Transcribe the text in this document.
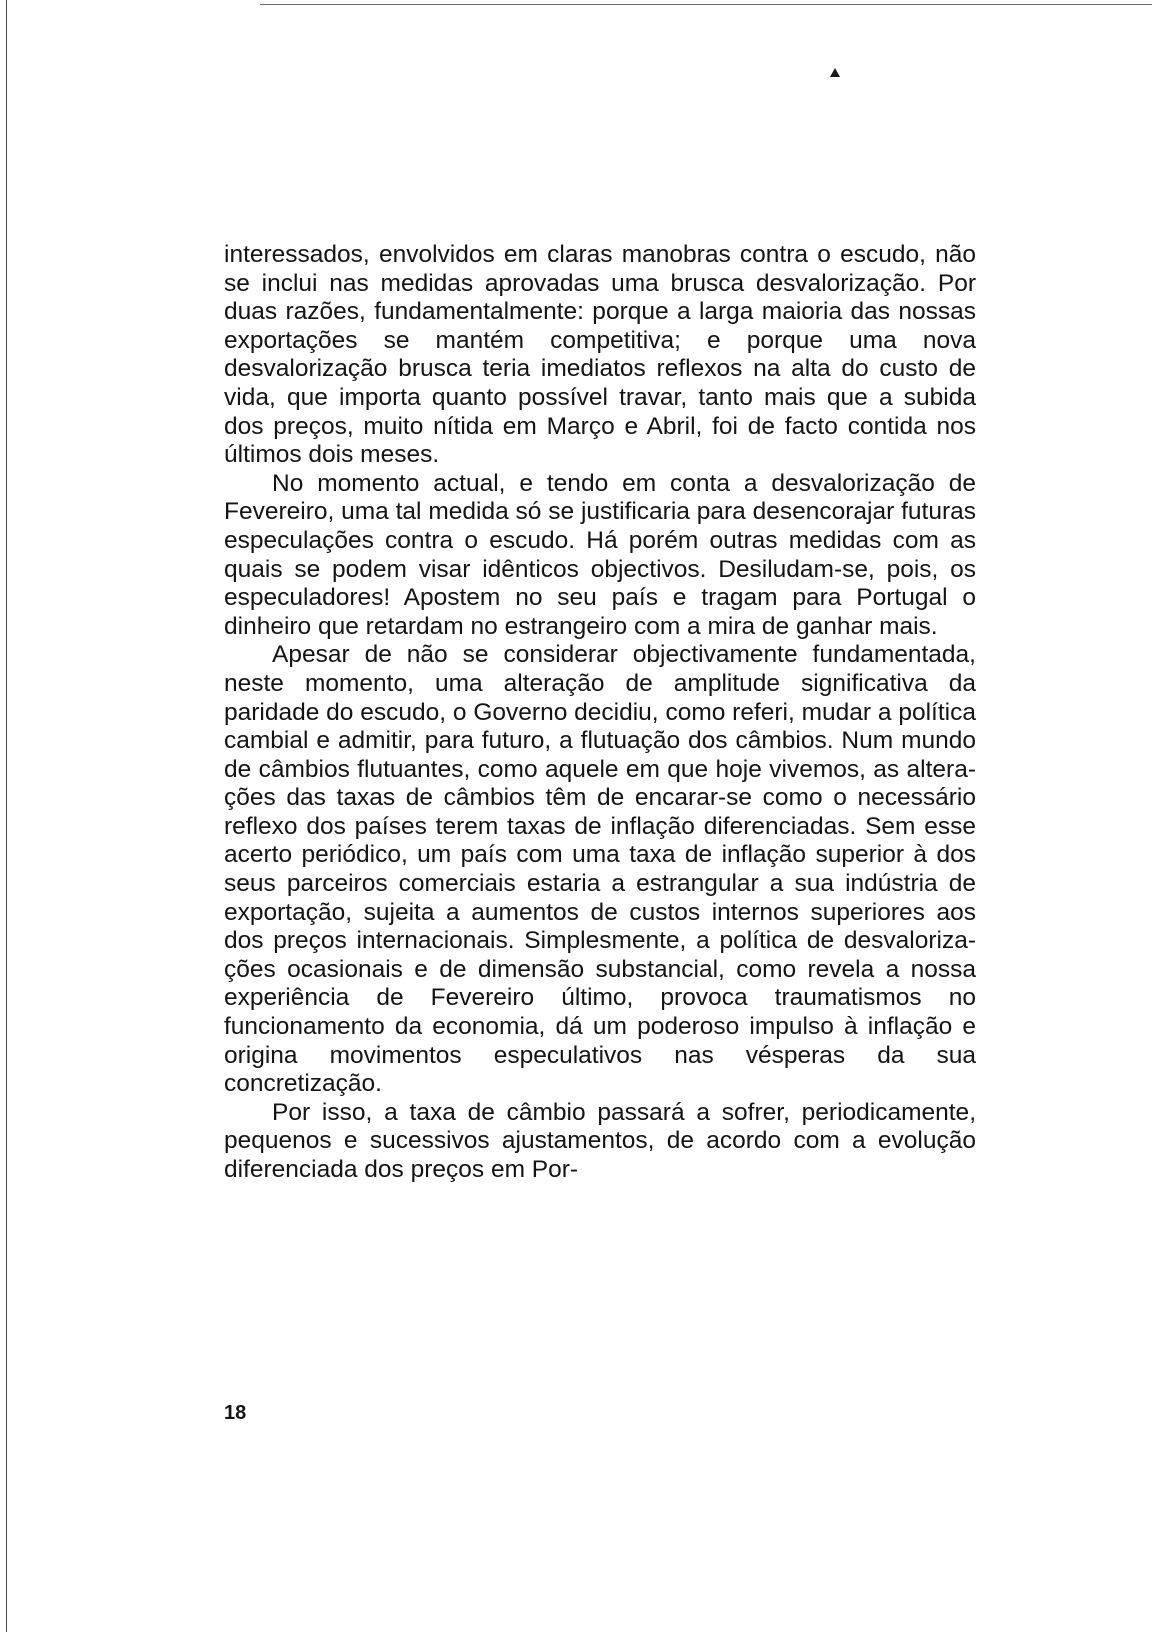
interessados, envolvidos em claras manobras contra o escudo, não se inclui nas medidas aprovadas uma brusca desvalorização. Por duas razões, fundamentalmente: porque a larga maioria das nossas exportações se mantém competitiva; e porque uma nova desvalorização brusca teria imediatos reflexos na alta do custo de vida, que importa quanto possível travar, tanto mais que a subida dos preços, muito nítida em Março e Abril, foi de facto contida nos últimos dois meses.

No momento actual, e tendo em conta a desvalorização de Fevereiro, uma tal medida só se justificaria para desencorajar futuras especulações contra o escudo. Há porém outras medidas com as quais se podem visar idênticos objectivos. Desiludam-se, pois, os especuladores! Apostem no seu país e tragam para Portugal o dinheiro que retardam no estrangeiro com a mira de ganhar mais.

Apesar de não se considerar objectivamente fundamentada, neste momento, uma alteração de amplitude significativa da paridade do escudo, o Governo decidiu, como referi, mudar a política cambial e admitir, para futuro, a flutuação dos câmbios. Num mundo de câmbios flutuantes, como aquele em que hoje vivemos, as alterações das taxas de câmbios têm de encarar-se como o necessário reflexo dos países terem taxas de inflação diferenciadas. Sem esse acerto periódico, um país com uma taxa de inflação superior à dos seus parceiros comerciais estaria a estrangular a sua indústria de exportação, sujeita a aumentos de custos internos superiores aos dos preços internacionais. Simplesmente, a política de desvalorizações ocasionais e de dimensão substancial, como revela a nossa experiência de Fevereiro último, provoca traumatismos no funcionamento da economia, dá um poderoso impulso à inflação e origina movimentos especulativos nas vésperas da sua concretização.

Por isso, a taxa de câmbio passará a sofrer, periodicamente, pequenos e sucessivos ajustamentos, de acordo com a evolução diferenciada dos preços em Por-

18
